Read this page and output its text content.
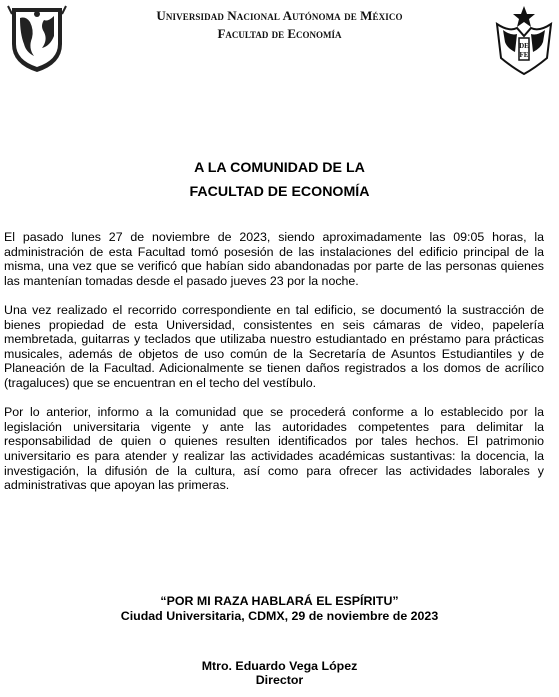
Universidad Nacional Autónoma de México
Facultad de Economía
DE
FE
A LA COMUNIDAD DE LA
FACULTAD DE ECONOMÍA

El pasado lunes 27 de noviembre de 2023, siendo aproximadamente las 09:05 horas, la administración de esta Facultad tomó posesión de las instalaciones del edificio principal de la misma, una vez que se verificó que habían sido abandonadas por parte de las personas quienes las mantenían tomadas desde el pasado jueves 23 por la noche.

Una vez realizado el recorrido correspondiente en tal edificio, se documentó la sustracción de bienes propiedad de esta Universidad, consistentes en seis cámaras de video, papelería membretada, guitarras y teclados que utilizaba nuestro estudiantado en préstamo para prácticas musicales, además de objetos de uso común de la Secretaría de Asuntos Estudiantiles y de Planeación de la Facultad. Adicionalmente se tienen daños registrados a los domos de acrílico (tragaluces) que se encuentran en el techo del vestíbulo.

Por lo anterior, informo a la comunidad que se procederá conforme a lo establecido por la legislación universitaria vigente y ante las autoridades competentes para delimitar la responsabilidad de quien o quienes resulten identificados por tales hechos. El patrimonio universitario es para atender y realizar las actividades académicas sustantivas: la docencia, la investigación, la difusión de la cultura, así como para ofrecer las actividades laborales y administrativas que apoyan las primeras.

“POR MI RAZA HABLARÁ EL ESPÍRITU”
Ciudad Universitaria, CDMX, 29 de noviembre de 2023
Mtro. Eduardo Vega López
Director
